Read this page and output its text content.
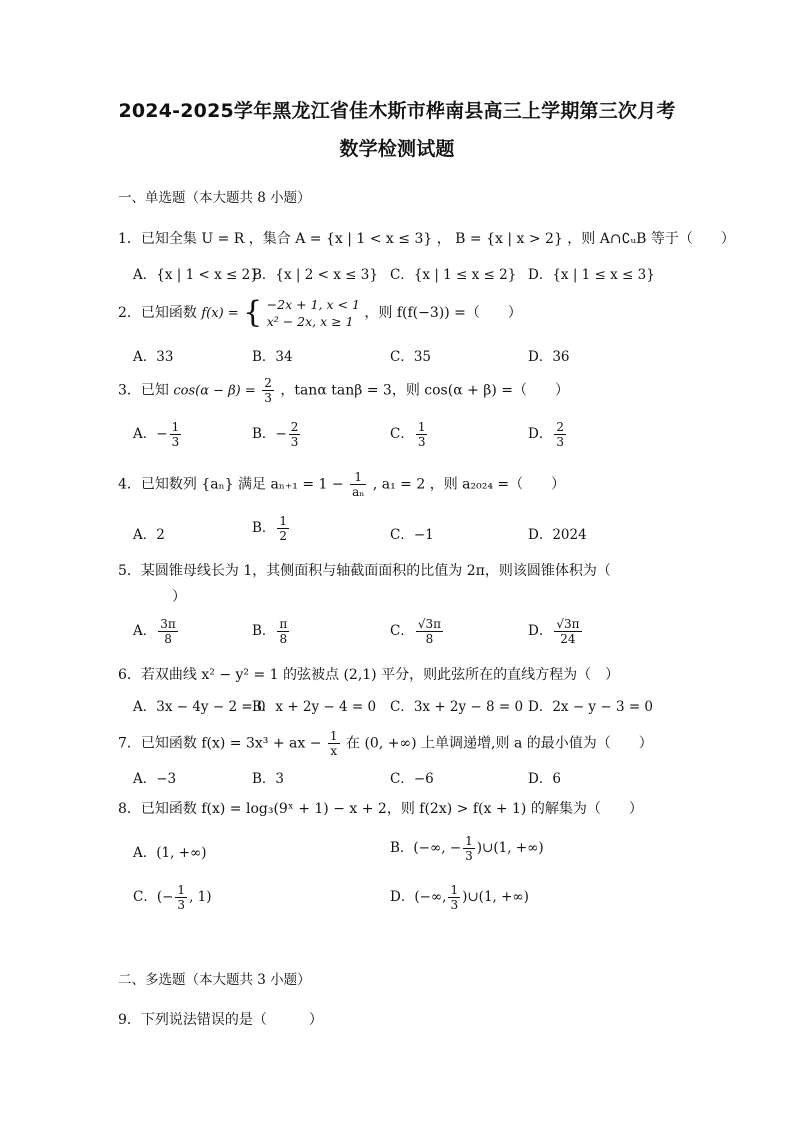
2024-2025学年黑龙江省佳木斯市桦南县高三上学期第三次月考
数学检测试题
一、单选题（本大题共 8 小题）
1．已知全集 U = R ，集合 A = {x | 1 < x ≤ 3} ， B = {x | x > 2} ，则 A∩∁ᵤB 等于（　　）
A．{x | 1 < x ≤ 2}
B．{x | 2 < x ≤ 3} C．{x | 1 ≤ x ≤ 2} D．{x | 1 ≤ x ≤ 3}
2．已知函数 f(x) = { −2x + 1, x < 1
x² − 2x, x ≥ 1
，则 f(f(−3)) =（　　）
A．33	B．34	C．35	D．36
3．已知 $\cos(\alpha - \beta) = \frac{2}{3}$ ，tanα tanβ = 3，则 cos(α + β) =（　　）
A．− $\frac{1}{3}$	B．− $\frac{2}{3}$	C． $\frac{1}{3}$	D． $\frac{2}{3}$
4．已知数列 {aₙ} 满足 $a_{n+1} = 1 - \frac{1}{\text{aₙ}}$ , a₁ = 2 ，则 a₂₀₂₄ =（　　）
A．2	B． $\frac{1}{2}$	C．−1	D．2024
5．某圆锥母线长为 1，其侧面积与轴截面面积的比值为 2π，则该圆锥体积为（
）
A． $\frac{3\pi}{8}$	B． $\frac{\pi}{8}$	C． $\frac{√3\pi}{8}$	D． $\frac{√3\pi}{24}$
6．若双曲线 x² − y² = 1 的弦被点 (2,1) 平分，则此弦所在的直线方程为（　）
A．3x − 4y − 2 = 0
B．x + 2y − 4 = 0 C．3x + 2y − 8 = 0 D．2x − y − 3 = 0
7．已知函数 f(x) = 3x³ + ax − $\frac{1}{x}$ 在 (0, +∞) 上单调递增,则 a 的最小值为（　　）
A．−3	B．3	C．−6	D．6
8．已知函数 f(x) = log₃(9ˣ + 1) − x + 2，则 f(2x) > f(x + 1) 的解集为（　　）
A．(1, +∞)	B．(−∞, − $\frac{1}{3}$ )∪(1, +∞)
C．(− $\frac{1}{3}$ , 1)	D．(−∞, $\frac{1}{3}$ )∪(1, +∞)
二、多选题（本大题共 3 小题）
9．下列说法错误的是（　　　）
